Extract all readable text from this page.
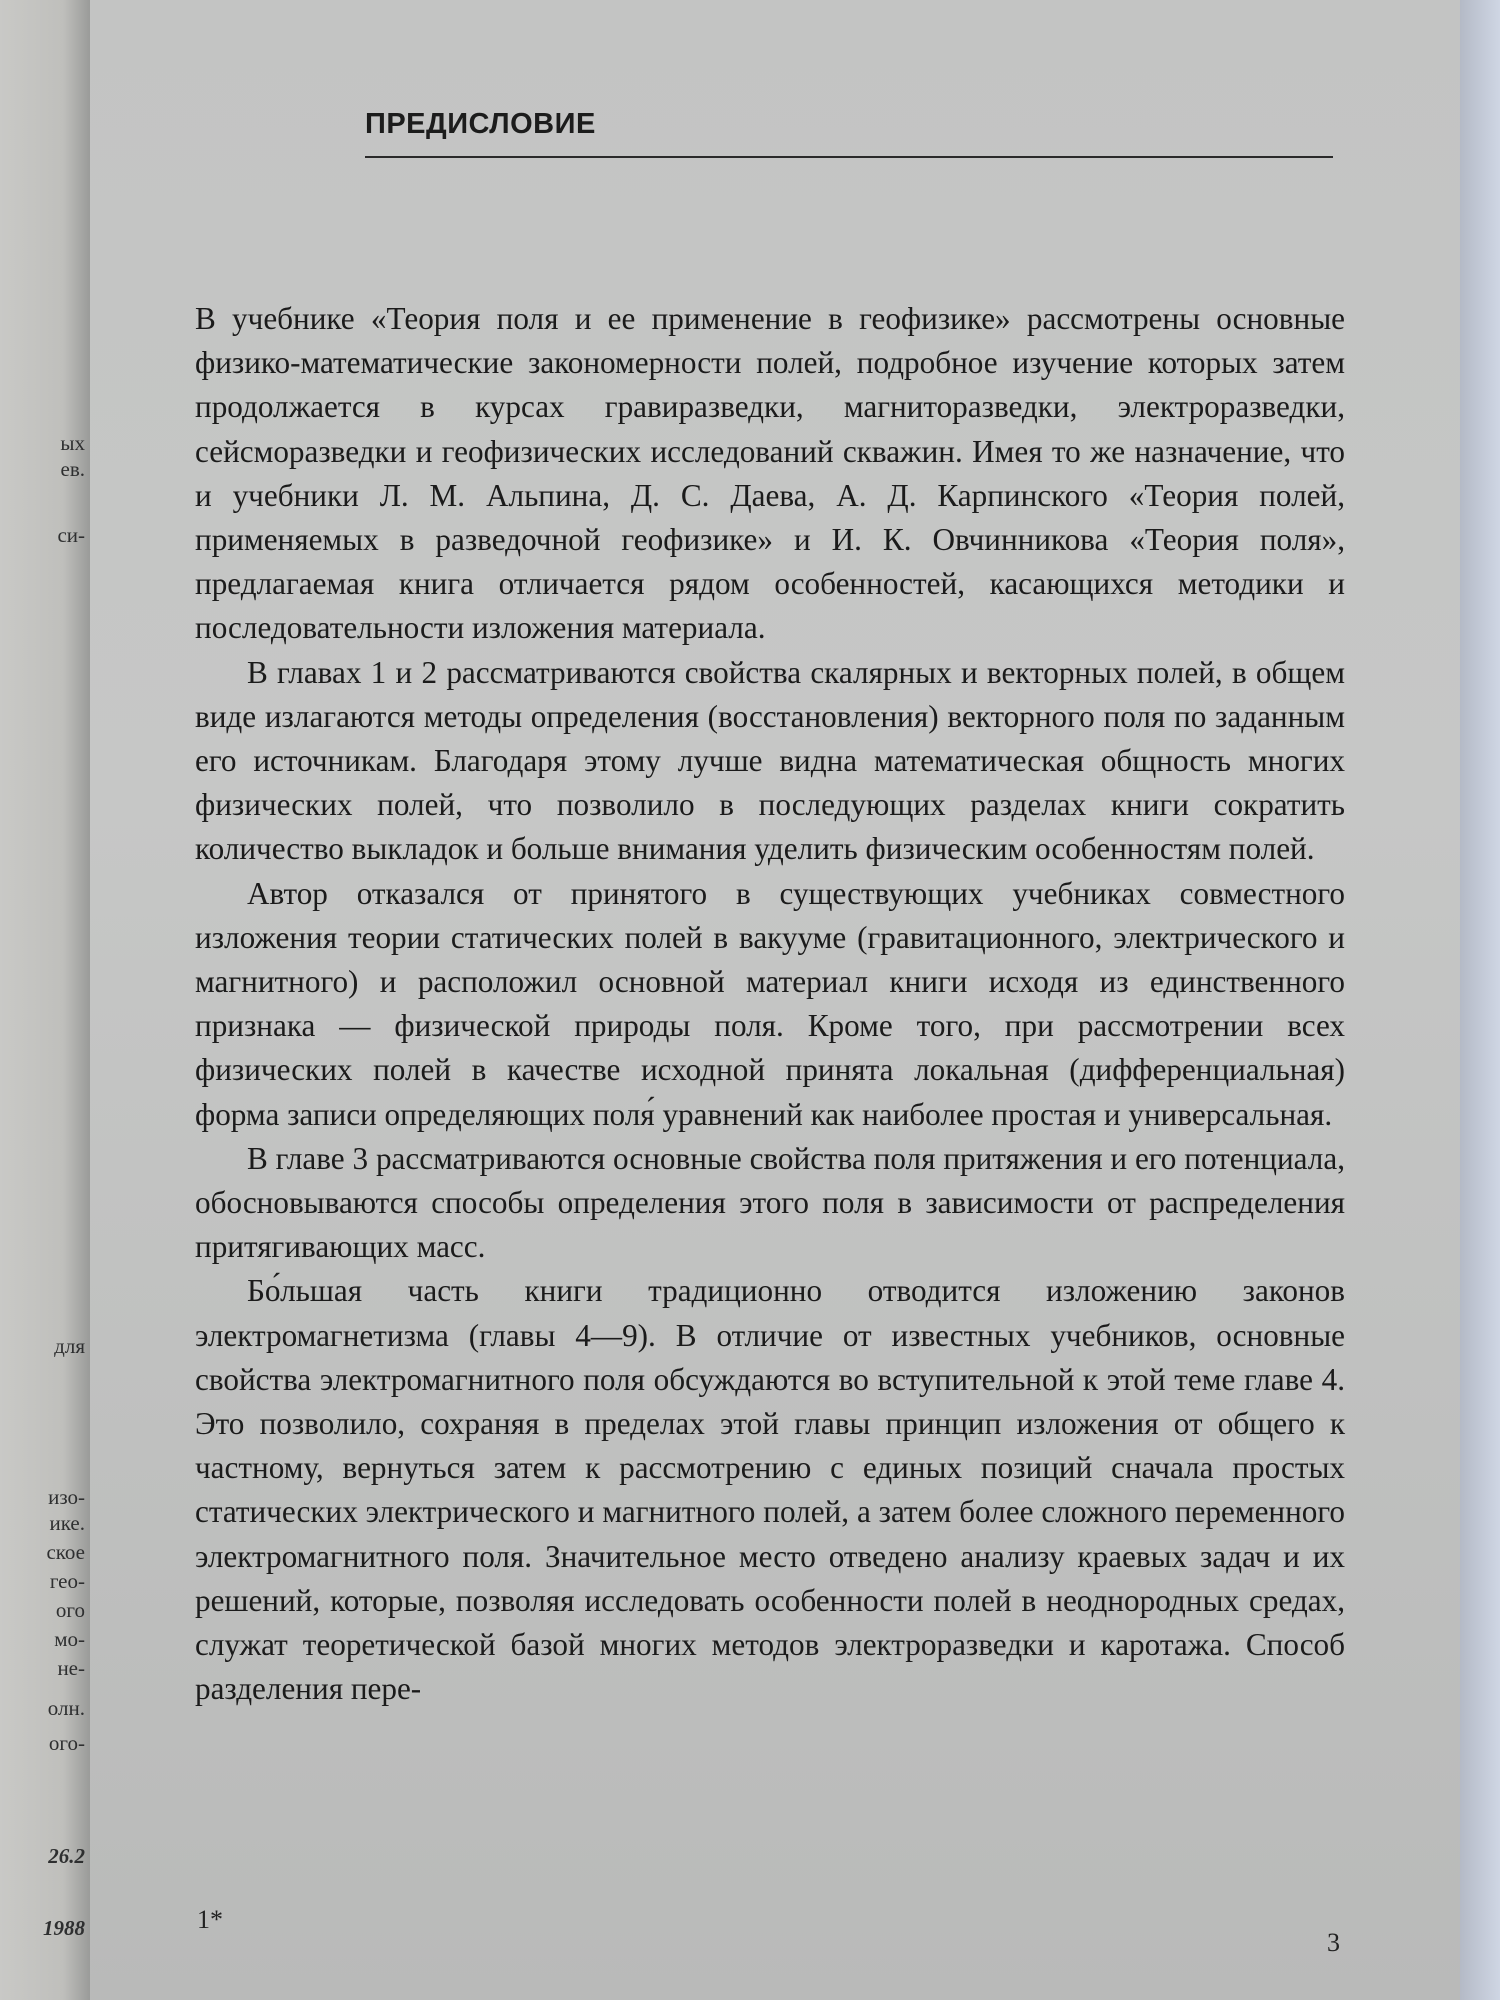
ых
ев.
си-
для
изо-
ике.
ское
гео-
ого
мо-
не-
олн.
ого-
26.2
1988
ПРЕДИСЛОВИЕ

В учебнике «Теория поля и ее применение в геофизике» рассмотрены основные физико-математические закономерности полей, подробное изучение которых затем продолжается в курсах гравиразведки, магниторазведки, электроразведки, сейсморазведки и геофизических исследований скважин. Имея то же назначение, что и учебники Л. М. Альпина, Д. С. Даева, А. Д. Карпинского «Теория полей, применяемых в разведочной геофизике» и И. К. Овчинникова «Теория поля», предлагаемая книга отличается рядом особенностей, касающихся методики и последовательности изложения материала.

В главах 1 и 2 рассматриваются свойства скалярных и векторных полей, в общем виде излагаются методы определения (восстановления) векторного поля по заданным его источникам. Благодаря этому лучше видна математическая общность многих физических полей, что позволило в последующих разделах книги сократить количество выкладок и больше внимания уделить физическим особенностям полей.

Автор отказался от принятого в существующих учебниках совместного изложения теории статических полей в вакууме (гравитационного, электрического и магнитного) и расположил основной материал книги исходя из единственного признака — физической природы поля. Кроме того, при рассмотрении всех физических полей в качестве исходной принята локальная (дифференциальная) форма записи определяющих поля́ уравнений как наиболее простая и универсальная.

В главе 3 рассматриваются основные свойства поля притяжения и его потенциала, обосновываются способы определения этого поля в зависимости от распределения притягивающих масс.

Бо́льшая часть книги традиционно отводится изложению законов электромагнетизма (главы 4—9). В отличие от известных учебников, основные свойства электромагнитного поля обсуждаются во вступительной к этой теме главе 4. Это позволило, сохраняя в пределах этой главы принцип изложения от общего к частному, вернуться затем к рассмотрению с единых позиций сначала простых статических электрического и магнитного полей, а затем более сложного переменного электромагнитного поля. Значительное место отведено анализу краевых задач и их решений, которые, позволяя исследовать особенности полей в неоднородных средах, служат теоретической базой многих методов электроразведки и каротажа. Способ разделения пере-

1*
3
